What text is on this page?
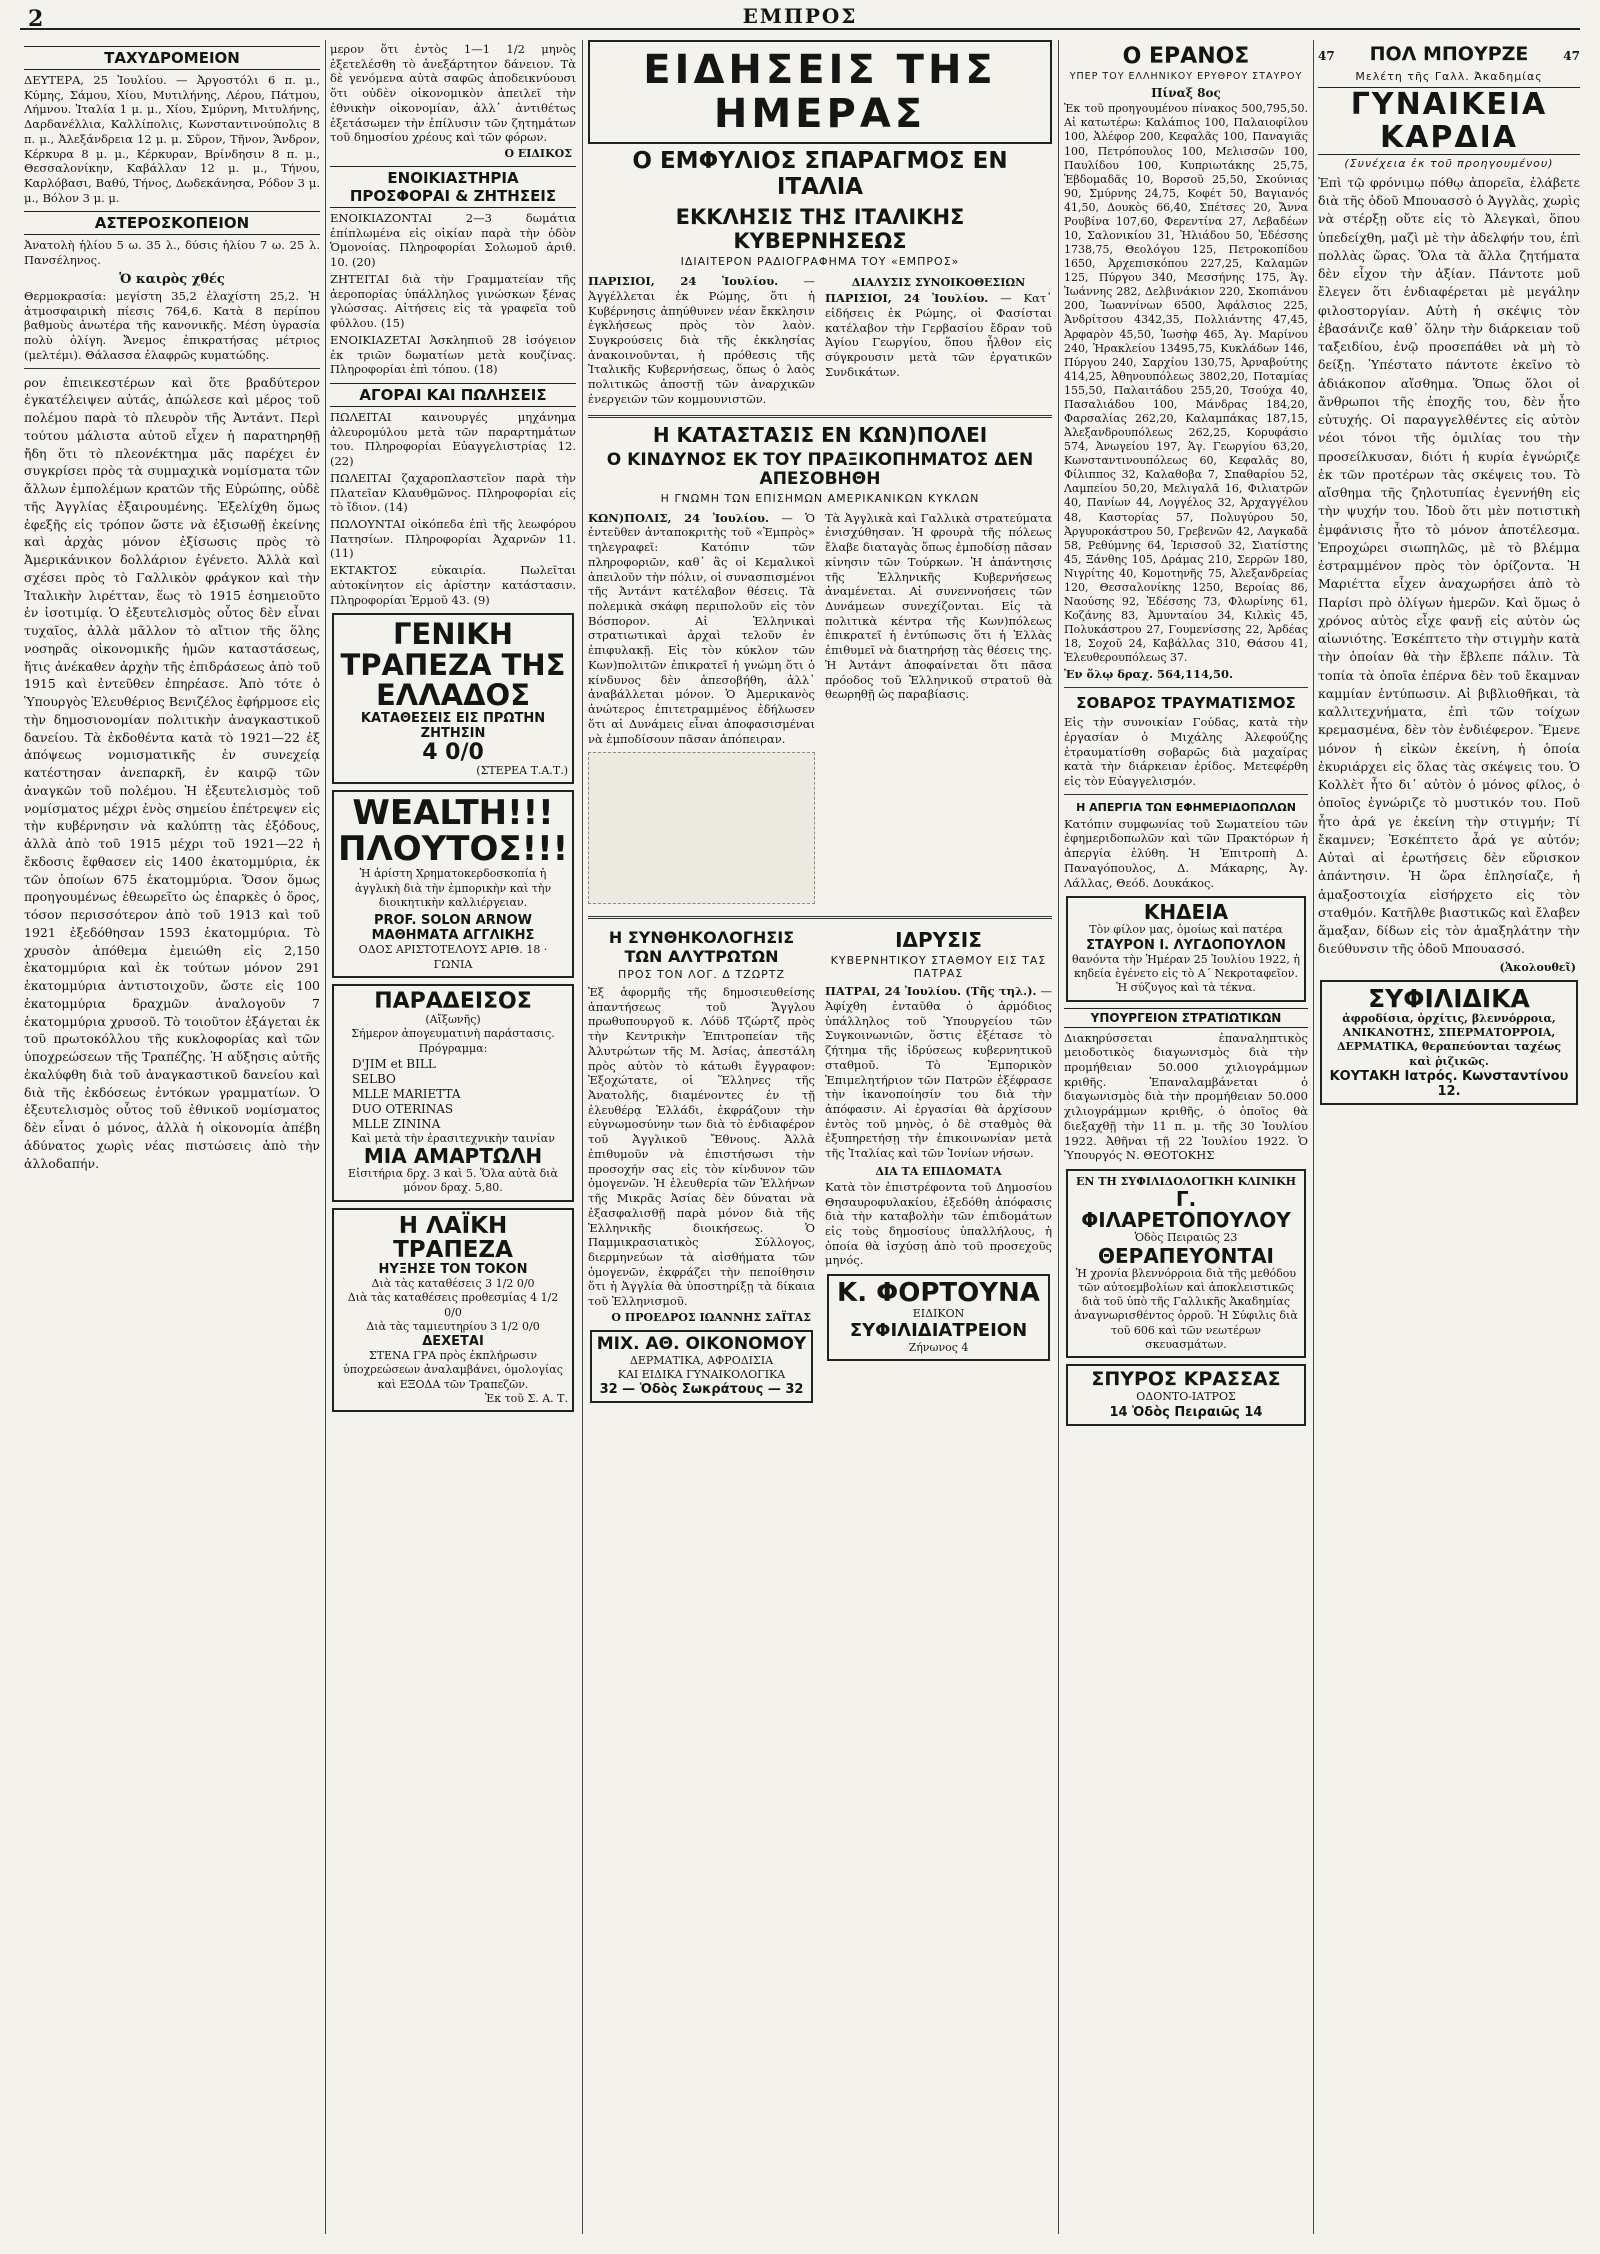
2	ΕΜΠΡΟΣ
ΤΑΧΥΔΡΟΜΕΙΟΝ
ΔΕΥΤΕΡΑ, 25 Ἰουλίου. — Ἀργοστόλι 6 π. μ., Κύμης, Σάμου, Χίου, Μυτιλήνης, Λέρου, Πάτμου, Λήμνου. Ἰταλία 1 μ. μ., Χίου, Σμύρνη, Μιτυλήνης, Δαρδανέλλια, Καλλίπολις, Κωνσταντινούπολις 8 π. μ., Ἀλεξάνδρεια 12 μ. μ. Σῦρον, Τῆνον, Ἄνδρον, Κέρκυρα 8 μ. μ., Κέρκυραν, Βρίνδησιν 8 π. μ., Θεσσαλονίκην, Καβάλλαν 12 μ. μ., Τήνου, Καρλόβασι, Βαθύ, Τήνος, Δωδεκάνησα, Ρόδον 3 μ. μ., Βόλον 3 μ. μ.
ΑΣΤΕΡΟΣΚΟΠΕΙΟΝ
Ἀνατολὴ ἡλίου 5 ω. 35 λ., δύσις ἡλίου 7 ω. 25 λ. Πανσέληνος.
Ὁ καιρὸς χθές
Θερμοκρασία: μεγίστη 35,2 ἐλαχίστη 25,2. Ἡ ἀτμοσφαιρικὴ πίεσις 764,6. Κατὰ 8 περίπου βαθμοὺς ἀνωτέρα τῆς κανονικῆς. Μέση ὑγρασία πολὺ ὀλίγη. Ἄνεμος ἐπικρατήσας μέτριος (μελτέμι). Θάλασσα ἐλαφρῶς κυματώδης.
ρον ἐπιεικεστέρων καὶ ὅτε βραδύτερον ἐγκατέλειψεν αὐτάς, ἀπώλεσε καὶ μέρος τοῦ πολέμου παρὰ τὸ πλευρὸν τῆς Ἀντάντ. Περὶ τούτου μάλιστα αὐτοῦ εἶχεν ἡ παρατηρηθῇ ἤδη ὅτι τὸ πλεονέκτημα μᾶς παρέχει ἐν συγκρίσει πρὸς τὰ συμμαχικὰ νομίσματα τῶν ἄλλων ἐμπολέμων κρατῶν τῆς Εὐρώπης, οὐδὲ τῆς Ἀγγλίας ἐξαιρουμένης. Ἐξελίχθη ὅμως ἐφεξῆς εἰς τρόπον ὥστε νὰ ἐξισωθῇ ἐκείνης καὶ ἀρχὰς μόνον ἐξίσωσις πρὸς τὸ Ἀμερικάνικον δολλάριον ἐγένετο. Ἀλλὰ καὶ σχέσει πρὸς τὸ Γαλλικὸν φράγκον καὶ τὴν Ἰταλικὴν λιρέτταν, ἕως τὸ 1915 ἐσημειοῦτο ἐν ἰσοτιμίᾳ. Ὁ ἐξευτελισμὸς οὗτος δὲν εἶναι τυχαῖος, ἀλλὰ μᾶλλον τὸ αἴτιον τῆς ὅλης νοσηρᾶς οἰκονομικῆς ἡμῶν καταστάσεως, ἥτις ἀνέκαθεν ἀρχὴν τῆς ἐπιδράσεως ἀπὸ τοῦ 1915 καὶ ἐντεῦθεν ἐπηρέασε. Ἀπὸ τότε ὁ Ὑπουργὸς Ἐλευθέριος Βενιζέλος ἐφήρμοσε εἰς τὴν δημοσιονομίαν πολιτικὴν ἀναγκαστικοῦ δανείου. Τὰ ἐκδοθέντα κατὰ τὸ 1921—22 ἐξ ἀπόψεως νομισματικῆς ἐν συνεχείᾳ κατέστησαν ἀνεπαρκῆ, ἐν καιρῷ τῶν ἀναγκῶν τοῦ πολέμου. Ἡ ἐξευτελισμὸς τοῦ νομίσματος μέχρι ἑνὸς σημείου ἐπέτρεψεν εἰς τὴν κυβέρνησιν νὰ καλύπτῃ τὰς ἐξόδους, ἀλλὰ ἀπὸ τοῦ 1915 μέχρι τοῦ 1921—22 ἡ ἔκδοσις ἔφθασεν εἰς 1400 ἑκατομμύρια, ἐκ τῶν ὁποίων 675 ἑκατομμύρια. Ὅσον ὅμως προηγουμένως ἐθεωρεῖτο ὡς ἐπαρκὲς ὁ ὅρος, τόσον περισσότερον ἀπὸ τοῦ 1913 καὶ τοῦ 1921 ἐξεδόθησαν 1593 ἑκατομμύρια. Τὸ χρυσὸν ἀπόθεμα ἐμειώθη εἰς 2,150 ἑκατομμύρια καὶ ἐκ τούτων μόνον 291 ἑκατομμύρια ἀντιστοιχοῦν, ὥστε εἰς 100 ἑκατομμύρια δραχμῶν ἀναλογοῦν 7 ἑκατομμύρια χρυσοῦ. Τὸ τοιοῦτον ἐξάγεται ἐκ τοῦ πρωτοκόλλου τῆς κυκλοφορίας καὶ τῶν ὑποχρεώσεων τῆς Τραπέζης. Ἡ αὔξησις αὐτῆς ἐκαλύφθη διὰ τοῦ ἀναγκαστικοῦ δανείου καὶ διὰ τῆς ἐκδόσεως ἐντόκων γραμματίων. Ὁ ἐξευτελισμὸς οὗτος τοῦ ἐθνικοῦ νομίσματος δὲν εἶναι ὁ μόνος, ἀλλὰ ἡ οἰκονομία ἀπέβη ἀδύνατος χωρὶς νέας πιστώσεις ἀπὸ τὴν ἀλλοδαπήν.
μερον ὅτι ἐντὸς 1—1 1/2 μηνὸς ἐξετελέσθη τὸ ἀνεξάρτητον δάνειον. Τὰ δὲ γενόμενα αὐτὰ σαφῶς ἀποδεικνύουσι ὅτι οὐδὲν οἰκονομικὸν ἀπειλεῖ τὴν ἐθνικὴν οἰκονομίαν, ἀλλ᾽ ἀντιθέτως ἐξετάσωμεν τὴν ἐπίλυσιν τῶν ζητημάτων τοῦ δημοσίου χρέους καὶ τῶν φόρων.
Ο ΕΙΔΙΚΟΣ
ΕΝΟΙΚΙΑΣΤΗΡΙΑ
ΠΡΟΣΦΟΡΑΙ & ΖΗΤΗΣΕΙΣ
ΕΝΟΙΚΙΑΖΟΝΤΑΙ 2—3 δωμάτια ἐπίπλωμένα εἰς οἰκίαν παρὰ τὴν ὁδὸν Ὁμονοίας. Πληροφορίαι Σολωμοῦ ἀριθ. 10. (20)
ΖΗΤΕΙΤΑΙ διὰ τὴν Γραμματείαν τῆς ἀεροπορίας ὑπάλληλος γινώσκων ξένας γλώσσας. Αἰτήσεις εἰς τὰ γραφεῖα τοῦ φύλλου. (15)
ΕΝΟΙΚΙΑΖΕΤΑΙ Ἀσκληπιοῦ 28 ἰσόγειον ἐκ τριῶν δωματίων μετὰ κουζίνας. Πληροφορίαι ἐπὶ τόπου. (18)
ΑΓΟΡΑΙ ΚΑΙ ΠΩΛΗΣΕΙΣ
ΠΩΛΕΙΤΑΙ καινουργές μηχάνημα ἀλευρομύλου μετὰ τῶν παραρτημάτων του. Πληροφορίαι Εὐαγγελιστρίας 12. (22)
ΠΩΛΕΙΤΑΙ ζαχαροπλαστεῖον παρὰ τὴν Πλατεῖαν Κλαυθμῶνος. Πληροφορίαι εἰς τὸ ἴδιον. (14)
ΠΩΛΟΥΝΤΑΙ οἰκόπεδα ἐπὶ τῆς λεωφόρου Πατησίων. Πληροφορίαι Ἀχαρνῶν 11. (11)
ΕΚΤΑΚΤΟΣ εὐκαιρία. Πωλεῖται αὐτοκίνητον εἰς ἀρίστην κατάστασιν. Πληροφορίαι Ἑρμοῦ 43. (9)
ΓΕΝΙΚΗ
ΤΡΑΠΕΖΑ ΤΗΣ ΕΛΛΑΔΟΣ
ΚΑΤΑΘΕΣΕΙΣ ΕΙΣ ΠΡΩΤΗΝ ΖΗΤΗΣΙΝ
4 0/0
(ΣΤΕΡΕΑ Τ.Α.Τ.)
WEALTH!!!
ΠΛΟΥΤΟΣ!!!
Ἡ ἀρίστη Χρηματοκερδοσκοπία ἡ ἀγγλικὴ διὰ τὴν ἐμπορικὴν καὶ τὴν διοικητικὴν καλλιέργειαν.
PROF. SOLON ARNOW
ΜΑΘΗΜΑΤΑ ΑΓΓΛΙΚΗΣ
ΟΔΟΣ ΑΡΙΣΤΟΤΕΛΟΥΣ ΑΡΙΘ. 18 · ΓΩΝΙΑ
ΠΑΡΑΔΕΙΣΟΣ
(Αἴξωνῆς)
Σήμερον ἀπογευματινὴ παράστασις. Πρόγραμμα:
D'JIM et BILL
SELBO
MLLE MARIETTA
DUO OTERINAS
MLLE ZININA
Καὶ μετὰ τὴν ἐρασιτεχνικὴν ταινίαν
ΜΙΑ ΑΜΑΡΤΩΛΗ
Εἰσιτήρια δρχ. 3 καὶ 5. Ὅλα αὐτὰ διὰ μόνον δραχ. 5,80.
Η ΛΑΪΚΗ ΤΡΑΠΕΖΑ
ΗΥΞΗΣΕ ΤΟΝ ΤΟΚΟΝ
Διὰ τὰς καταθέσεις 3 1/2 0/0
Διὰ τὰς καταθέσεις προθεσμίας 4 1/2 0/0
Διὰ τὰς ταμιευτηρίου 3 1/2 0/0
ΔΕΧΕΤΑΙ
ΣΤΕΝΑ ΓΡΑ πρὸς ἐκπλήρωσιν ὑποχρεώσεων ἀναλαμβάνει, ὁμολογίας καὶ ΕΞΟΔΑ τῶν Τραπεζῶν.
Ἐκ τοῦ Σ. Α. Τ.
ΕΙΔΗΣΕΙΣ ΤΗΣ ΗΜΕΡΑΣ
Ο ΕΜΦΥΛΙΟΣ ΣΠΑΡΑΓΜΟΣ ΕΝ ΙΤΑΛΙΑ
ΕΚΚΛΗΣΙΣ ΤΗΣ ΙΤΑΛΙΚΗΣ ΚΥΒΕΡΝΗΣΕΩΣ
ΙΔΙΑΙΤΕΡΟΝ ΡΑΔΙΟΓΡΑΦΗΜΑ ΤΟΥ «ΕΜΠΡΟΣ»
ΠΑΡΙΣΙΟΙ, 24 Ἰουλίου. — Ἀγγέλλεται ἐκ Ρώμης, ὅτι ἡ Κυβέρνησις ἀπηύθυνεν νέαν ἔκκλησιν ἐγκλήσεως πρὸς τὸν λαὸν. Συγκρούσεις διὰ τῆς ἐκκλησίας ἀνακοινοῦνται, ἡ πρόθεσις τῆς Ἰταλικῆς Κυβερνήσεως, ὅπως ὁ λαὸς πολιτικῶς ἀποστῇ τῶν ἀναρχικῶν ἐνεργειῶν τῶν κομμουνιστῶν.
ΔΙΑΛΥΣΙΣ ΣΥΝΟΙΚΟΘΕΣΙΩΝ
ΠΑΡΙΣΙΟΙ, 24 Ἰουλίου. — Κατ᾽ εἰδήσεις ἐκ Ρώμης, οἱ Φασίσται κατέλαβον τὴν Γερβασίου ἔδραν τοῦ Ἀγίου Γεωργίου, ὅπου ἦλθον εἰς σύγκρουσιν μετὰ τῶν ἐργατικῶν Συνδικάτων.
Η ΚΑΤΑΣΤΑΣΙΣ ΕΝ ΚΩΝ)ΠΟΛΕΙ
Ο ΚΙΝΔΥΝΟΣ ΕΚ ΤΟΥ ΠΡΑΞΙΚΟΠΗΜΑΤΟΣ ΔΕΝ ΑΠΕΣΟΒΗΘΗ
Η ΓΝΩΜΗ ΤΩΝ ΕΠΙΣΗΜΩΝ ΑΜΕΡΙΚΑΝΙΚΩΝ ΚΥΚΛΩΝ
ΚΩΝ)ΠΟΛΙΣ, 24 Ἰουλίου. — Ὁ ἐντεῦθεν ἀνταποκριτὴς τοῦ «Ἐμπρὸς» τηλεγραφεῖ: Κατόπιν τῶν πληροφοριῶν, καθ᾽ ἃς οἱ Κεμαλικοὶ ἀπειλοῦν τὴν πόλιν, οἱ συνασπισμένοι τῆς Ἀντάντ κατέλαβον θέσεις. Τὰ πολεμικὰ σκάφη περιπολοῦν εἰς τὸν Βόσπορον. Αἱ Ἑλληνικαὶ στρατιωτικαὶ ἀρχαὶ τελοῦν ἐν ἐπιφυλακῇ. Εἰς τὸν κύκλον τῶν Κων)πολιτῶν ἐπικρατεῖ ἡ γνώμη ὅτι ὁ κίνδυνος δὲν ἀπεσοβήθη, ἀλλ᾽ ἀναβάλλεται μόνον. Ὁ Ἀμερικανὸς ἀνώτερος ἐπιτετραμμένος ἐδήλωσεν ὅτι αἱ Δυνάμεις εἶναι ἀποφασισμέναι νὰ ἐμποδίσουν πᾶσαν ἀπόπειραν.
Τὰ Ἀγγλικὰ καὶ Γαλλικὰ στρατεύματα ἐνισχύθησαν. Ἡ φρουρὰ τῆς πόλεως ἔλαβε διαταγὰς ὅπως ἐμποδίσῃ πᾶσαν κίνησιν τῶν Τούρκων. Ἡ ἀπάντησις τῆς Ἑλληνικῆς Κυβερνήσεως ἀναμένεται. Αἱ συνεννοήσεις τῶν Δυνάμεων συνεχίζονται. Εἰς τὰ πολιτικὰ κέντρα τῆς Κων)πόλεως ἐπικρατεῖ ἡ ἐντύπωσις ὅτι ἡ Ἑλλὰς ἐπιθυμεῖ νὰ διατηρήσῃ τὰς θέσεις της. Ἡ Ἀντάντ ἀποφαίνεται ὅτι πᾶσα πρόοδος τοῦ Ἑλληνικοῦ στρατοῦ θὰ θεωρηθῇ ὡς παραβίασις.
Η ΣΥΝΘΗΚΟΛΟΓΗΣΙΣ ΤΩΝ ΑΛΥΤΡΩΤΩΝ
ΠΡΟΣ ΤΟΝ ΛΟΓ. Δ ΤΖΩΡΤΖ
Ἐξ ἀφορμῆς τῆς δημοσιευθείσης ἀπαντήσεως τοῦ Ἄγγλου πρωθυπουργοῦ κ. Λόϋδ Τζώρτζ πρὸς τὴν Κεντρικὴν Ἐπιτροπείαν τῆς Ἀλυτρώτων τῆς Μ. Ἀσίας, ἀπεστάλη πρὸς αὐτὸν τὸ κάτωθι ἔγγραφον: Ἐξοχώτατε, οἱ Ἕλληνες τῆς Ἀνατολῆς, διαμένοντες ἐν τῇ ἐλευθέρᾳ Ἑλλάδι, ἐκφράζουν τὴν εὐγνωμοσύνην των διὰ τὸ ἐνδιαφέρον τοῦ Ἀγγλικοῦ Ἔθνους. Ἀλλὰ ἐπιθυμοῦν νὰ ἐπιστήσωσι τὴν προσοχήν σας εἰς τὸν κίνδυνον τῶν ὁμογενῶν. Ἡ ἐλευθερία τῶν Ἑλλήνων τῆς Μικρᾶς Ἀσίας δὲν δύναται νὰ ἐξασφαλισθῇ παρὰ μόνον διὰ τῆς Ἑλληνικῆς διοικήσεως. Ὁ Παμμικρασιατικὸς Σύλλογος, διερμηνεύων τὰ αἰσθήματα τῶν ὁμογενῶν, ἐκφράζει τὴν πεποίθησιν ὅτι ἡ Ἀγγλία θὰ ὑποστηρίξῃ τὰ δίκαια τοῦ Ἑλληνισμοῦ.
Ο ΠΡΟΕΔΡΟΣ ΙΩΑΝΝΗΣ ΣΑΪΤΑΣ
ΜΙΧ. ΑΘ. ΟΙΚΟΝΟΜΟΥ
ΔΕΡΜΑΤΙΚΑ, ΑΦΡΟΔΙΣΙΑ
ΚΑΙ ΕΙΔΙΚΑ ΓΥΝΑΙΚΟΛΟΓΙΚΑ
32 — Ὁδὸς Σωκράτους — 32
ΙΔΡΥΣΙΣ
ΚΥΒΕΡΝΗΤΙΚΟΥ ΣΤΑΘΜΟΥ ΕΙΣ ΤΑΣ ΠΑΤΡΑΣ
ΠΑΤΡΑΙ, 24 Ἰουλίου. (Τῆς τηλ.). — Ἀφίχθη ἐνταῦθα ὁ ἀρμόδιος ὑπάλληλος τοῦ Ὑπουργείου τῶν Συγκοινωνιῶν, ὅστις ἐξέτασε τὸ ζήτημα τῆς ἱδρύσεως κυβερνητικοῦ σταθμοῦ. Τὸ Ἐμπορικὸν Ἐπιμελητήριον τῶν Πατρῶν ἐξέφρασε τὴν ἱκανοποίησίν του διὰ τὴν ἀπόφασιν. Αἱ ἐργασίαι θὰ ἀρχίσουν ἐντὸς τοῦ μηνὸς, ὁ δὲ σταθμὸς θὰ ἐξυπηρετήσῃ τὴν ἐπικοινωνίαν μετὰ τῆς Ἰταλίας καὶ τῶν Ἰονίων νήσων.
ΔΙΑ ΤΑ ΕΠΙΔΟΜΑΤΑ
Κατὰ τὸν ἐπιστρέφοντα τοῦ Δημοσίου Θησαυροφυλακίου, ἐξεδόθη ἀπόφασις διὰ τὴν καταβολὴν τῶν ἐπιδομάτων εἰς τοὺς δημοσίους ὑπαλλήλους, ἡ ὁποία θὰ ἰσχύσῃ ἀπὸ τοῦ προσεχοῦς μηνός.
Κ. ΦΟΡΤΟΥΝΑ
ΕΙΔΙΚΟΝ
ΣΥΦΙΛΙΔΙΑΤΡΕΙΟΝ
Ζήνωνος 4
Ο ΕΡΑΝΟΣ
ΥΠΕΡ ΤΟΥ ΕΛΛΗΝΙΚΟΥ ΕΡΥΘΡΟΥ ΣΤΑΥΡΟΥ
Πίναξ 8ος
Ἐκ τοῦ προηγουμένου πίνακος 500,795,50. Αἱ κατωτέρω: Καλάπιος 100, Παλαιοφίλου 100, Ἀλέφορ 200, Κεφαλᾶς 100, Παναγιᾶς 100, Πετρόπουλος 100, Μελισσῶν 100, Παυλίδου 100, Κυπριωτάκης 25,75, Ἐβδομαδᾶς 10, Βορσοῦ 25,50, Σκούνιας 90, Σμύρνης 24,75, Κοφέτ 50, Βαγιανός 41,50, Δουκὸς 66,40, Σπέτσες 20, Ἄννα Ρουβίνα 107,60, Φερεντίνα 27, Λεβαδέων 10, Σαλονικίου 31, Ἠλιάδου 50, Ἐδέσσης 1738,75, Θεολόγου 125, Πετροκοπίδου 1650, Ἀρχεπισκόπου 227,25, Καλαμῶν 125, Πύργου 340, Μεσσήνης 175, Ἁγ. Ἰωάννης 282, Δελβινάκιον 220, Σκοπιάνου 200, Ἰωαννίνων 6500, Ἀφάλσιος 225, Ἀνδρίτσου 4342,35, Πολλιάντης 47,45, Ἀρφαρὸν 45,50, Ἰωσὴφ 465, Ἁγ. Μαρίνου 240, Ἡρακλείου 13495,75, Κυκλάδων 146, Πύργου 240, Σαρχίου 130,75, Ἀρναβούτης 414,25, Ἀθηνουπόλεως 3802,20, Ποταμίας 155,50, Παλαιτάδου 255,20, Τσούχα 40, Πασαλιάδου 100, Μάνδρας 184,20, Φαρσαλίας 262,20, Καλαμπάκας 187,15, Ἀλεξανδρουπόλεως 262,25, Κορυφάσιο 574, Ἀνωγείου 197, Ἁγ. Γεωργίου 63,20, Κωνσταντινουπόλεως 60, Κεφαλᾶς 80, Φίλιππος 32, Καλαθοβα 7, Σπαθαρίου 52, Λαμπείου 50,20, Μελιγαλᾶ 16, Φιλιατρῶν 40, Πανίων 44, Λογγέλος 32, Ἀρχαγγέλου 48, Καστορίας 57, Πολυγύρου 50, Ἀργυροκάστρου 50, Γρεβενῶν 42, Λαγκαδᾶ 58, Ρεθύμνης 64, Ἱερισσοῦ 32, Σιατίστης 45, Ξάνθης 105, Δράμας 210, Σερρῶν 180, Νιγρίτης 40, Κομοτηνῆς 75, Ἀλεξανδρείας 120, Θεσσαλονίκης 1250, Βεροίας 86, Ναούσης 92, Ἐδέσσης 73, Φλωρίνης 61, Κοζάνης 83, Ἀμυνταίου 34, Κιλκὶς 45, Πολυκάστρου 27, Γουμενίσσης 22, Ἀρδέας 18, Σοχοῦ 24, Καβάλλας 310, Θάσου 41, Ἐλευθερουπόλεως 37.
Ἐν ὅλῳ δραχ. 564,114,50.
ΣΟΒΑΡΟΣ ΤΡΑΥΜΑΤΙΣΜΟΣ
Εἰς τὴν συνοικίαν Γούδας, κατὰ τὴν ἐργασίαν ὁ Μιχάλης Ἀλεφούζης ἐτραυματίσθη σοβαρῶς διὰ μαχαίρας κατὰ τὴν διάρκειαν ἐρίδος. Μετεφέρθη εἰς τὸν Εὐαγγελισμόν.
Η ΑΠΕΡΓΙΑ ΤΩΝ ΕΦΗΜΕΡΙΔΟΠΩΛΩΝ
Κατόπιν συμφωνίας τοῦ Σωματείου τῶν ἐφημεριδοπωλῶν καὶ τῶν Πρακτόρων ἡ ἀπεργία ἐλύθη. Ἡ Ἐπιτροπὴ Δ. Παναγόπουλος, Δ. Μάκαρης, Ἀγ. Λάλλας, Θεόδ. Δουκάκος.
ΚΗΔΕΙΑ
Τὸν φίλον μας, ὁμοίως καὶ πατέρα
ΣΤΑΥΡΟΝ Ι. ΛΥΓΔΟΠΟΥΛΟΝ
θανόντα τὴν Ἡμέραν 25 Ἰουλίου 1922, ἡ κηδεία ἐγένετο εἰς τὸ Α΄ Νεκροταφεῖον. Ἡ σύζυγος καὶ τὰ τέκνα.
ΥΠΟΥΡΓΕΙΟΝ ΣΤΡΑΤΙΩΤΙΚΩΝ
Διακηρύσσεται ἐπαναληπτικὸς μειοδοτικὸς διαγωνισμὸς διὰ τὴν προμήθειαν 50.000 χιλιογράμμων κριθῆς. Ἐπαναλαμβάνεται ὁ διαγωνισμὸς διὰ τὴν προμήθειαν 50.000 χιλιογράμμων κριθῆς, ὁ ὁποῖος θὰ διεξαχθῇ τὴν 11 π. μ. τῆς 30 Ἰουλίου 1922. Ἀθῆναι τῇ 22 Ἰουλίου 1922. Ὁ Ὑπουργός Ν. ΘΕΟΤΟΚΗΣ
ΕΝ ΤΗ ΣΥΦΙΛΙΔΟΛΟΓΙΚΗ ΚΛΙΝΙΚΗ
Γ. ΦΙΛΑΡΕΤΟΠΟΥΛΟΥ
Ὁδὸς Πειραιῶς 23
ΘΕΡΑΠΕΥΟΝΤΑΙ
Ἡ χρονία βλεννόρροια διὰ τῆς μεθόδου τῶν αὐτοεμβολίων καὶ ἀποκλειστικῶς διὰ τοῦ ὑπὸ τῆς Γαλλικῆς Ἀκαδημίας ἀναγνωρισθέντος ὀρροῦ. Ἡ Σύφιλις διὰ τοῦ 606 καὶ τῶν νεωτέρων σκευασμάτων.
ΣΠΥΡΟΣ ΚΡΑΣΣΑΣ
ΟΔΟΝΤΟ-ΙΑΤΡΟΣ
14 Ὁδὸς Πειραιῶς 14
47 ΠΟΛ ΜΠΟΥΡΖΕ	47
Μελέτη τῆς Γαλλ. Ἀκαδημίας
ΓΥΝΑΙΚΕΙΑ ΚΑΡΔΙΑ
(Συνέχεια ἐκ τοῦ προηγουμένου)
Ἐπὶ τῷ φρόνιμῳ πόθῳ ἀπορεῖα, ἐλάβετε διὰ τῆς ὁδοῦ Μπουασσὸ ὁ Ἀγγλὰς, χωρὶς νὰ στέρξῃ οὔτε εἰς τὸ Ἀλεγκαὶ, ὅπου ὑπεδείχθη, μαζὶ μὲ τὴν ἀδελφήν του, ἐπὶ πολλὰς ὥρας. Ὅλα τὰ ἄλλα ζητήματα δὲν εἶχον τὴν ἀξίαν. Πάντοτε μοῦ ἔλεγεν ὅτι ἐνδιαφέρεται μὲ μεγάλην φιλοστοργίαν. Αὐτὴ ἡ σκέψις τὸν ἐβασάνιζε καθ᾽ ὅλην τὴν διάρκειαν τοῦ ταξειδίου, ἐνῷ προσεπάθει νὰ μὴ τὸ δείξῃ. Ὑπέστατο πάντοτε ἐκεῖνο τὸ ἀδιάκοπον αἴσθημα. Ὅπως ὅλοι οἱ ἄνθρωποι τῆς ἐποχῆς του, δὲν ἦτο εὐτυχής. Οἱ παραγγελθέντες εἰς αὐτὸν νέοι τόνοι τῆς ὁμιλίας του τὴν προσείλκυσαν, διότι ἡ κυρία ἐγνώριζε ἐκ τῶν προτέρων τὰς σκέψεις του. Τὸ αἴσθημα τῆς ζηλοτυπίας ἐγεννήθη εἰς τὴν ψυχήν του. Ἰδοὺ ὅτι μὲν ποτιστικὴ ἐμφάνισις ἦτο τὸ μόνον ἀποτέλεσμα. Ἐπροχώρει σιωπηλῶς, μὲ τὸ βλέμμα ἐστραμμένον πρὸς τὸν ὁρίζοντα. Ἡ Μαριέττα εἶχεν ἀναχωρήσει ἀπὸ τὸ Παρίσι πρὸ ὀλίγων ἡμερῶν. Καὶ ὅμως ὁ χρόνος αὐτὸς εἶχε φανῇ εἰς αὐτὸν ὡς αἰωνιότης. Ἐσκέπτετο τὴν στιγμὴν κατὰ τὴν ὁποίαν θὰ τὴν ἔβλεπε πάλιν. Τὰ τοπία τὰ ὁποῖα ἐπέρνα δὲν τοῦ ἔκαμναν καμμίαν ἐντύπωσιν. Αἱ βιβλιοθῆκαι, τὰ καλλιτεχνήματα, ἐπὶ τῶν τοίχων κρεμασμένα, δὲν τὸν ἐνδιέφερον. Ἔμενε μόνον ἡ εἰκὼν ἐκείνη, ἡ ὁποία ἐκυριάρχει εἰς ὅλας τὰς σκέψεις του. Ὁ Κολλὲτ ἦτο δι᾽ αὐτὸν ὁ μόνος φίλος, ὁ ὁποῖος ἐγνώριζε τὸ μυστικόν του. Ποῦ ἦτο ἀρά γε ἐκείνη τὴν στιγμήν; Τί ἔκαμνεν; Ἐσκέπτετο ἆρά γε αὐτόν; Αὐταὶ αἱ ἐρωτήσεις δὲν εὕρισκον ἀπάντησιν. Ἡ ὥρα ἐπλησίαζε, ἡ ἁμαξοστοιχία εἰσήρχετο εἰς τὸν σταθμόν. Κατῆλθε βιαστικῶς καὶ ἔλαβεν ἅμαξαν, δίδων εἰς τὸν ἁμαξηλάτην τὴν διεύθυνσιν τῆς ὁδοῦ Μπουασσό.
(Ἀκολουθεῖ)
ΣΥΦΙΛΙΔΙΚΑ
ἀφροδίσια, ὀρχίτις, βλεννόρροια, ΑΝΙΚΑΝΟΤΗΣ, ΣΠΕΡΜΑΤΟΡΡΟΙΑ, ΔΕΡΜΑΤΙΚΑ, θεραπεύονται ταχέως καὶ ῥιζικῶς.
ΚΟΥΤΑΚΗ Ιατρός. Κωνσταντίνου 12.
